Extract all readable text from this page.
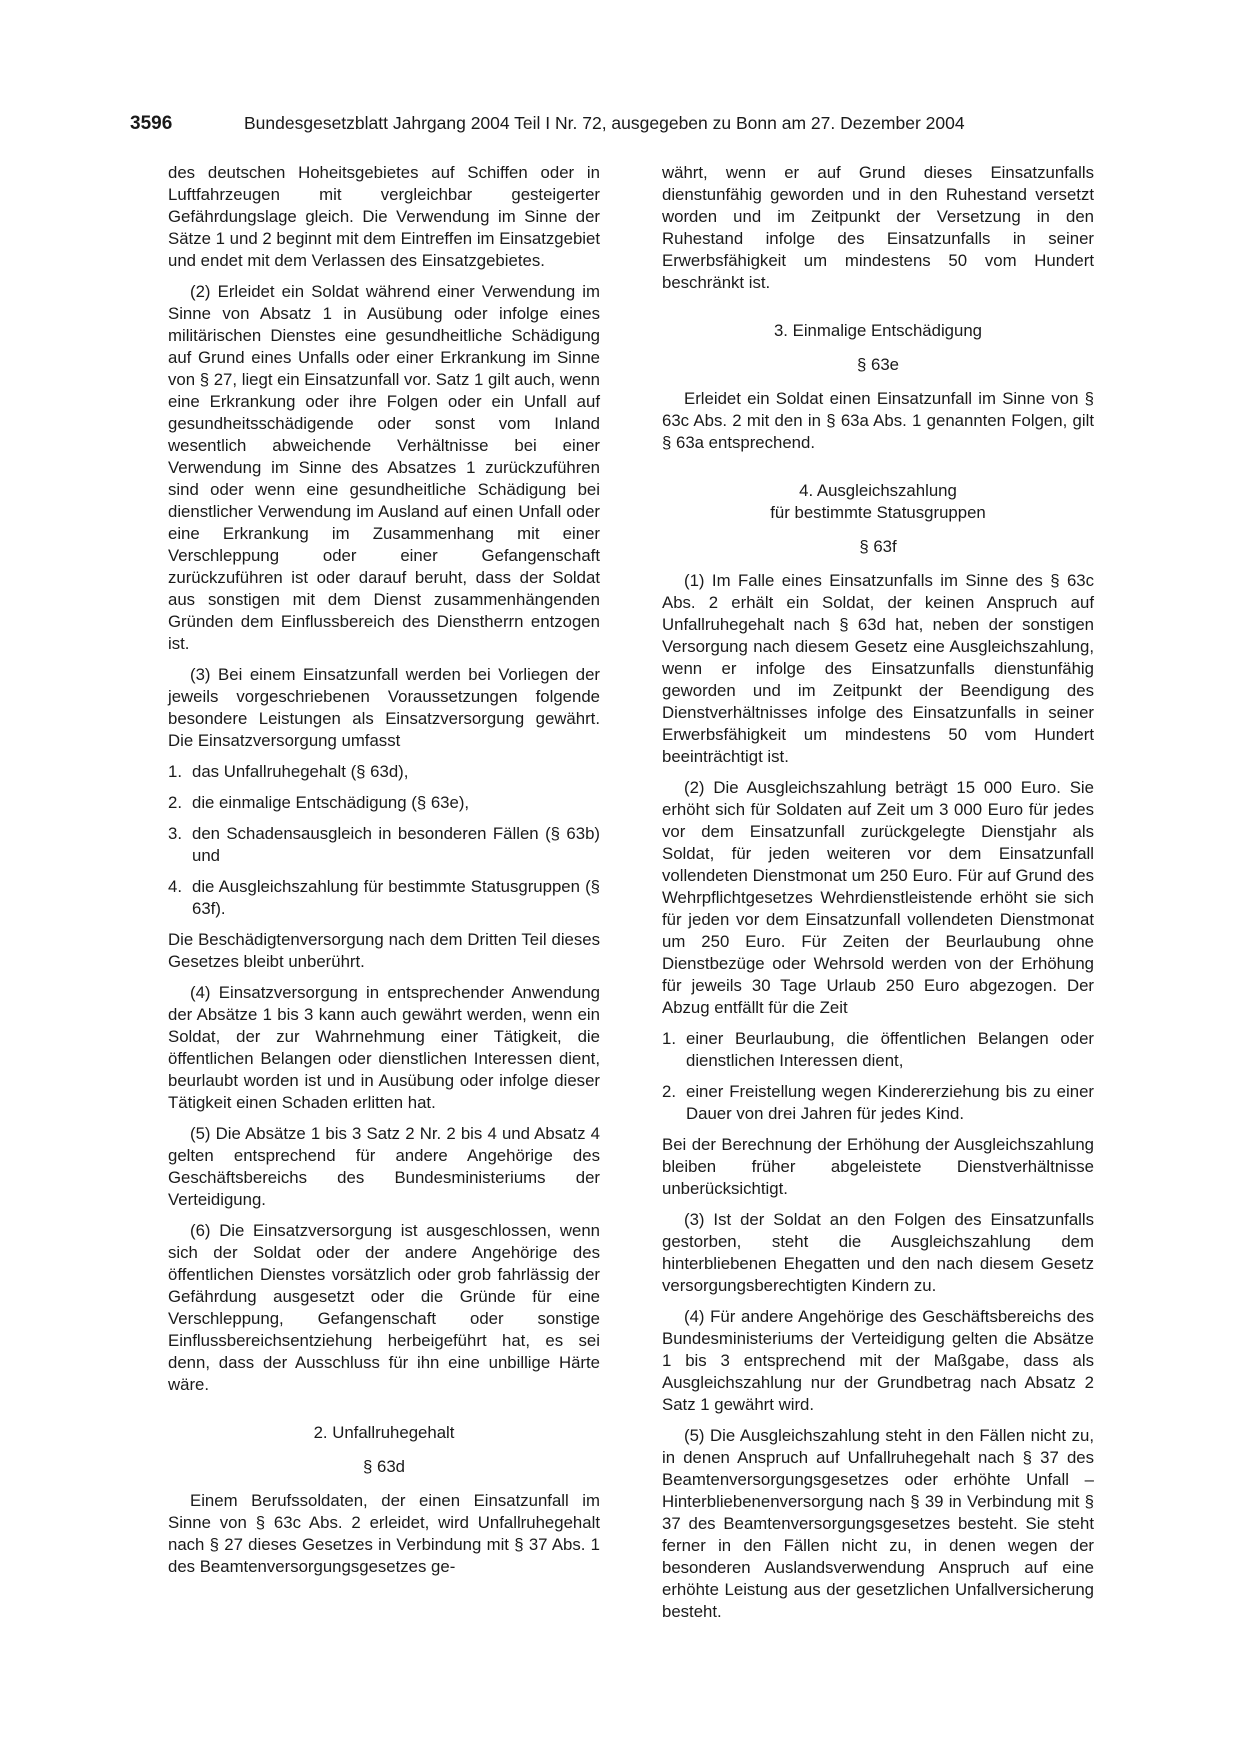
3596	Bundesgesetzblatt Jahrgang 2004 Teil I Nr. 72, ausgegeben zu Bonn am 27. Dezember 2004

des deutschen Hoheitsgebietes auf Schiffen oder in Luftfahrzeugen mit vergleichbar gesteigerter Gefährdungslage gleich. Die Verwendung im Sinne der Sätze 1 und 2 beginnt mit dem Eintreffen im Einsatzgebiet und endet mit dem Verlassen des Einsatzgebietes.

(2) Erleidet ein Soldat während einer Verwendung im Sinne von Absatz 1 in Ausübung oder infolge eines militärischen Dienstes eine gesundheitliche Schädigung auf Grund eines Unfalls oder einer Erkrankung im Sinne von § 27, liegt ein Einsatzunfall vor. Satz 1 gilt auch, wenn eine Erkrankung oder ihre Folgen oder ein Unfall auf gesundheitsschädigende oder sonst vom Inland wesentlich abweichende Verhältnisse bei einer Verwendung im Sinne des Absatzes 1 zurückzuführen sind oder wenn eine gesundheitliche Schädigung bei dienstlicher Verwendung im Ausland auf einen Unfall oder eine Erkrankung im Zusammenhang mit einer Verschleppung oder einer Gefangenschaft zurückzuführen ist oder darauf beruht, dass der Soldat aus sonstigen mit dem Dienst zusammenhängenden Gründen dem Einflussbereich des Dienstherrn entzogen ist.

(3) Bei einem Einsatzunfall werden bei Vorliegen der jeweils vorgeschriebenen Voraussetzungen folgende besondere Leistungen als Einsatzversorgung gewährt. Die Einsatzversorgung umfasst

1. das Unfallruhegehalt (§ 63d),
2. die einmalige Entschädigung (§ 63e),
3. den Schadensausgleich in besonderen Fällen (§ 63b) und
4. die Ausgleichszahlung für bestimmte Statusgruppen (§ 63f).

Die Beschädigtenversorgung nach dem Dritten Teil dieses Gesetzes bleibt unberührt.

(4) Einsatzversorgung in entsprechender Anwendung der Absätze 1 bis 3 kann auch gewährt werden, wenn ein Soldat, der zur Wahrnehmung einer Tätigkeit, die öffentlichen Belangen oder dienstlichen Interessen dient, beurlaubt worden ist und in Ausübung oder infolge dieser Tätigkeit einen Schaden erlitten hat.

(5) Die Absätze 1 bis 3 Satz 2 Nr. 2 bis 4 und Absatz 4 gelten entsprechend für andere Angehörige des Geschäftsbereichs des Bundesministeriums der Verteidigung.

(6) Die Einsatzversorgung ist ausgeschlossen, wenn sich der Soldat oder der andere Angehörige des öffentlichen Dienstes vorsätzlich oder grob fahrlässig der Gefährdung ausgesetzt oder die Gründe für eine Verschleppung, Gefangenschaft oder sonstige Einflussbereichsentziehung herbeigeführt hat, es sei denn, dass der Ausschluss für ihn eine unbillige Härte wäre.

2. Unfallruhegehalt
§ 63d

Einem Berufssoldaten, der einen Einsatzunfall im Sinne von § 63c Abs. 2 erleidet, wird Unfallruhegehalt nach § 27 dieses Gesetzes in Verbindung mit § 37 Abs. 1 des Beamtenversorgungsgesetzes ge-

währt, wenn er auf Grund dieses Einsatzunfalls dienstunfähig geworden und in den Ruhestand versetzt worden und im Zeitpunkt der Versetzung in den Ruhestand infolge des Einsatzunfalls in seiner Erwerbsfähigkeit um mindestens 50 vom Hundert beschränkt ist.

3. Einmalige Entschädigung
§ 63e

Erleidet ein Soldat einen Einsatzunfall im Sinne von § 63c Abs. 2 mit den in § 63a Abs. 1 genannten Folgen, gilt § 63a entsprechend.

4. Ausgleichszahlung
für bestimmte Statusgruppen
§ 63f

(1) Im Falle eines Einsatzunfalls im Sinne des § 63c Abs. 2 erhält ein Soldat, der keinen Anspruch auf Unfallruhegehalt nach § 63d hat, neben der sonstigen Versorgung nach diesem Gesetz eine Ausgleichszahlung, wenn er infolge des Einsatzunfalls dienstunfähig geworden und im Zeitpunkt der Beendigung des Dienstverhältnisses infolge des Einsatzunfalls in seiner Erwerbsfähigkeit um mindestens 50 vom Hundert beeinträchtigt ist.

(2) Die Ausgleichszahlung beträgt 15 000 Euro. Sie erhöht sich für Soldaten auf Zeit um 3 000 Euro für jedes vor dem Einsatzunfall zurückgelegte Dienstjahr als Soldat, für jeden weiteren vor dem Einsatzunfall vollendeten Dienstmonat um 250 Euro. Für auf Grund des Wehrpflichtgesetzes Wehrdienstleistende erhöht sie sich für jeden vor dem Einsatzunfall vollendeten Dienstmonat um 250 Euro. Für Zeiten der Beurlaubung ohne Dienstbezüge oder Wehrsold werden von der Erhöhung für jeweils 30 Tage Urlaub 250 Euro abgezogen. Der Abzug entfällt für die Zeit

1. einer Beurlaubung, die öffentlichen Belangen oder dienstlichen Interessen dient,
2. einer Freistellung wegen Kindererziehung bis zu einer Dauer von drei Jahren für jedes Kind.

Bei der Berechnung der Erhöhung der Ausgleichszahlung bleiben früher abgeleistete Dienstverhältnisse unberücksichtigt.

(3) Ist der Soldat an den Folgen des Einsatzunfalls gestorben, steht die Ausgleichszahlung dem hinterbliebenen Ehegatten und den nach diesem Gesetz versorgungsberechtigten Kindern zu.

(4) Für andere Angehörige des Geschäftsbereichs des Bundesministeriums der Verteidigung gelten die Absätze 1 bis 3 entsprechend mit der Maßgabe, dass als Ausgleichszahlung nur der Grundbetrag nach Absatz 2 Satz 1 gewährt wird.

(5) Die Ausgleichszahlung steht in den Fällen nicht zu, in denen Anspruch auf Unfallruhegehalt nach § 37 des Beamtenversorgungsgesetzes oder erhöhte Unfall – Hinterbliebenenversorgung nach § 39 in Verbindung mit § 37 des Beamtenversorgungsgesetzes besteht. Sie steht ferner in den Fällen nicht zu, in denen wegen der besonderen Auslandsverwendung Anspruch auf eine erhöhte Leistung aus der gesetzlichen Unfallversicherung besteht.
